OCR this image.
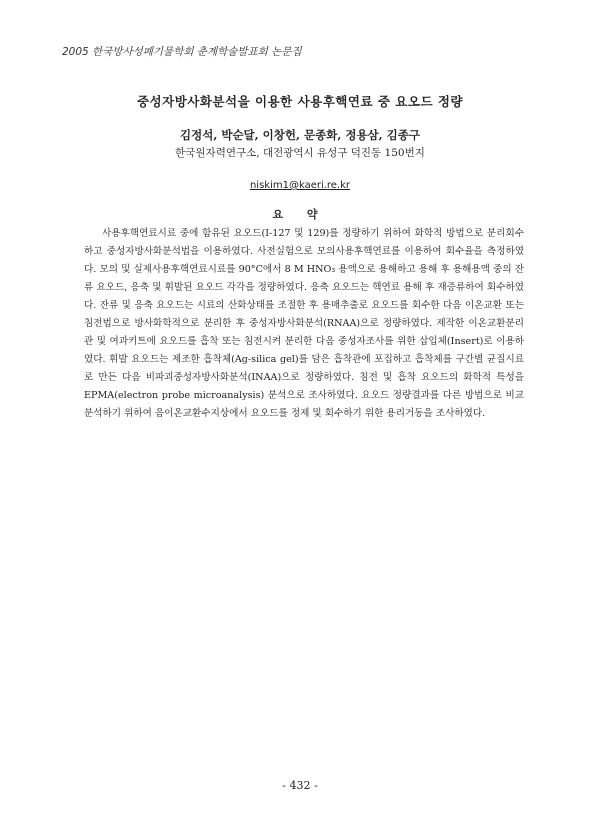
2005 한국방사성폐기물학회 춘계학술발표회 논문집
중성자방사화분석을 이용한 사용후핵연료 중 요오드 정량
김정석, 박순달, 이창헌, 문종화, 정용삼, 김종구
한국원자력연구소, 대전광역시 유성구 덕진동 150번지
niskim1@kaeri.re.kr
요 약

사용후핵연료시료 중에 함유된 요오드(I-127 및 129)를 정량하기 위하여 화학적 방법으로 분리회수하고 중성자방사화분석법을 이용하였다. 사전실험으로 모의사용후핵연료를 이용하여 회수율을 측정하였다. 모의 및 실제사용후핵연료시료를 90°C에서 8 M HNO₃ 용액으로 용해하고 용해 후 용해용액 중의 잔류 요오드, 응축 및 휘발된 요오드 각각을 정량하였다. 응축 요오드는 핵연료 용해 후 재증류하여 회수하였다. 잔류 및 응축 요오드는 시료의 산화상태를 조절한 후 용매추출로 요오드를 회수한 다음 이온교환 또는 침전법으로 방사화학적으로 분리한 후 중성자방사화분석(RNAA)으로 정량하였다. 제작한 이온교환분리관 및 여과키트에 요오드를 흡착 또는 침전시켜 분리한 다음 중성자조사를 위한 삽입체(Insert)로 이용하였다. 휘발 요오드는 제조한 흡착체(Ag-silica gel)를 담은 흡착관에 포집하고 흡착체를 구간별 균질시료로 만든 다음 비파괴중성자방사화분석(INAA)으로 정량하였다. 침전 및 흡착 요오드의 화학적 특성을 EPMA(electron probe microanalysis) 분석으로 조사하였다. 요오드 정량결과를 다른 방법으로 비교분석하기 위하여 음이온교환수지상에서 요오드를 정제 및 회수하기 위한 용리거동을 조사하였다.

- 432 -
